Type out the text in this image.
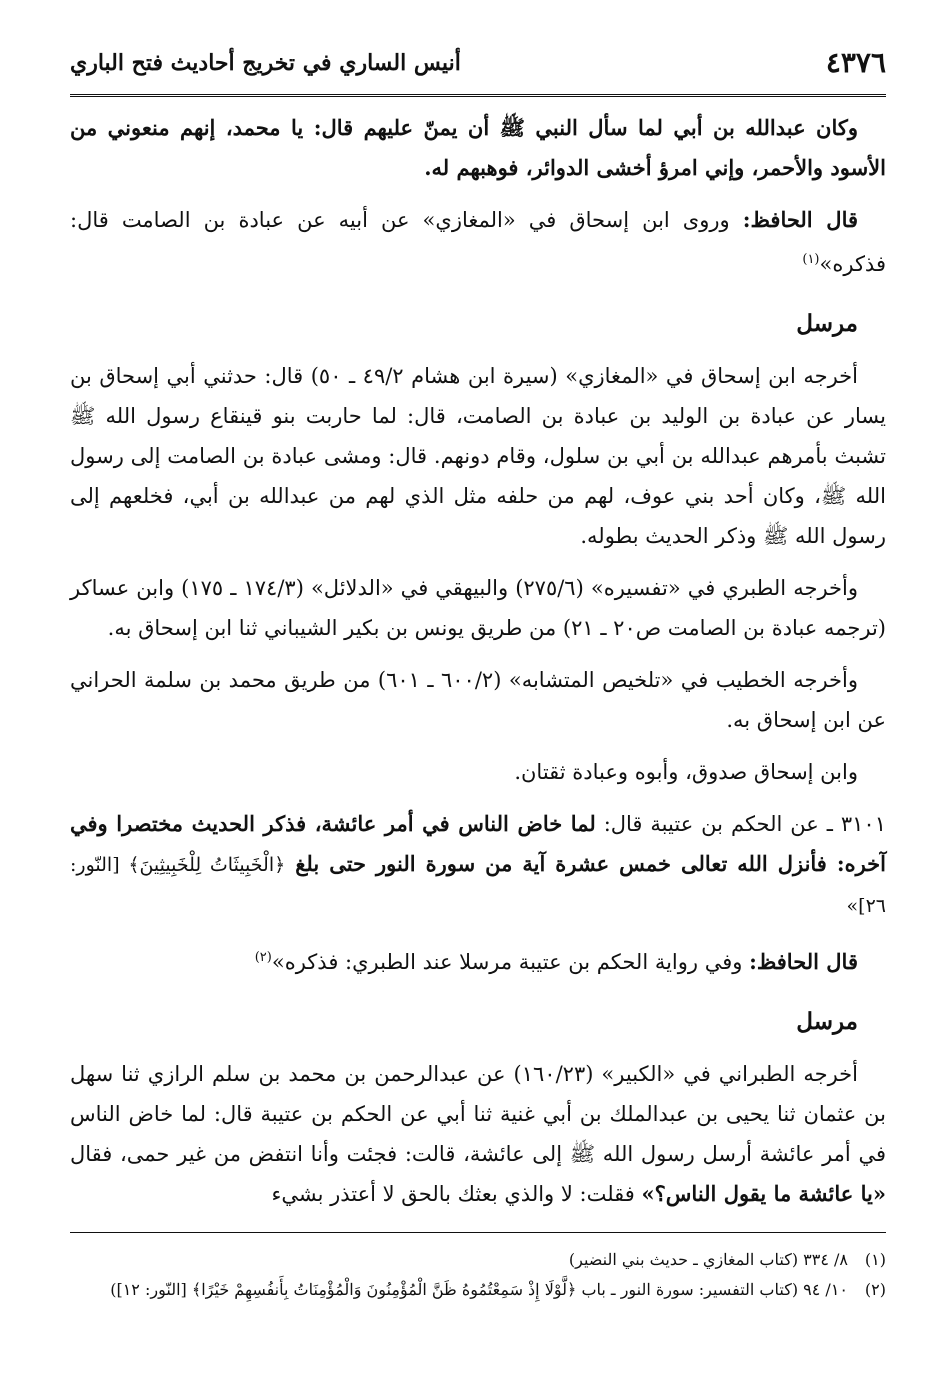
٤٣٧٦
أنيس الساري في تخريج أحاديث فتح الباري

وكان عبدالله بن أبي لما سأل النبي ﷺ أن يمنّ عليهم قال: يا محمد، إنهم منعوني من الأسود والأحمر، وإني امرؤ أخشى الدوائر، فوهبهم له.

قال الحافظ: وروى ابن إسحاق في «المغازي» عن أبيه عن عبادة بن الصامت قال: فذكره»$^{(١)}$

مرسل

أخرجه ابن إسحاق في «المغازي» (سيرة ابن هشام ٤٩/٢ ـ ٥٠) قال: حدثني أبي إسحاق بن يسار عن عبادة بن الوليد بن عبادة بن الصامت، قال: لما حاربت بنو قينقاع رسول الله ﷺ تشبث بأمرهم عبدالله بن أبي بن سلول، وقام دونهم. قال: ومشى عبادة بن الصامت إلى رسول الله ﷺ، وكان أحد بني عوف، لهم من حلفه مثل الذي لهم من عبدالله بن أبي، فخلعهم إلى رسول الله ﷺ وذكر الحديث بطوله.

وأخرجه الطبري في «تفسيره» (٢٧٥/٦) والبيهقي في «الدلائل» (١٧٤/٣ ـ ١٧٥) وابن عساكر (ترجمه عبادة بن الصامت ص٢٠ ـ ٢١) من طريق يونس بن بكير الشيباني ثنا ابن إسحاق به.

وأخرجه الخطيب في «تلخيص المتشابه» (٦٠٠/٢ ـ ٦٠١) من طريق محمد بن سلمة الحراني عن ابن إسحاق به.

وابن إسحاق صدوق، وأبوه وعبادة ثقتان.

٣١٠١ ـ عن الحكم بن عتيبة قال: لما خاض الناس في أمر عائشة، فذكر الحديث مختصرا وفي آخره: فأنزل الله تعالى خمس عشرة آية من سورة النور حتى بلغ ﴿الْخَبِيثَاتُ لِلْخَبِيثِينَ﴾ [النّور: ٢٦]»

قال الحافظ: وفي رواية الحكم بن عتيبة مرسلا عند الطبري: فذكره»$^{(٢)}$

مرسل

أخرجه الطبراني في «الكبير» (١٦٠/٢٣) عن عبدالرحمن بن محمد بن سلم الرازي ثنا سهل بن عثمان ثنا يحيى بن عبدالملك بن أبي غنية ثنا أبي عن الحكم بن عتيبة قال: لما خاض الناس في أمر عائشة أرسل رسول الله ﷺ إلى عائشة، قالت: فجئت وأنا انتفض من غير حمى، فقال «يا عائشة ما يقول الناس؟» فقلت: لا والذي بعثك بالحق لا أعتذر بشيء

(١)٨/ ٣٣٤ (كتاب المغازي ـ حديث بني النضير)
(٢)١٠/ ٩٤ (كتاب التفسير: سورة النور ـ باب ﴿لَّوْلَا إِذْ سَمِعْتُمُوهُ ظَنَّ الْمُؤْمِنُونَ وَالْمُؤْمِنَاتُ بِأَنفُسِهِمْ خَيْرًا﴾ [النّور: ١٢])
